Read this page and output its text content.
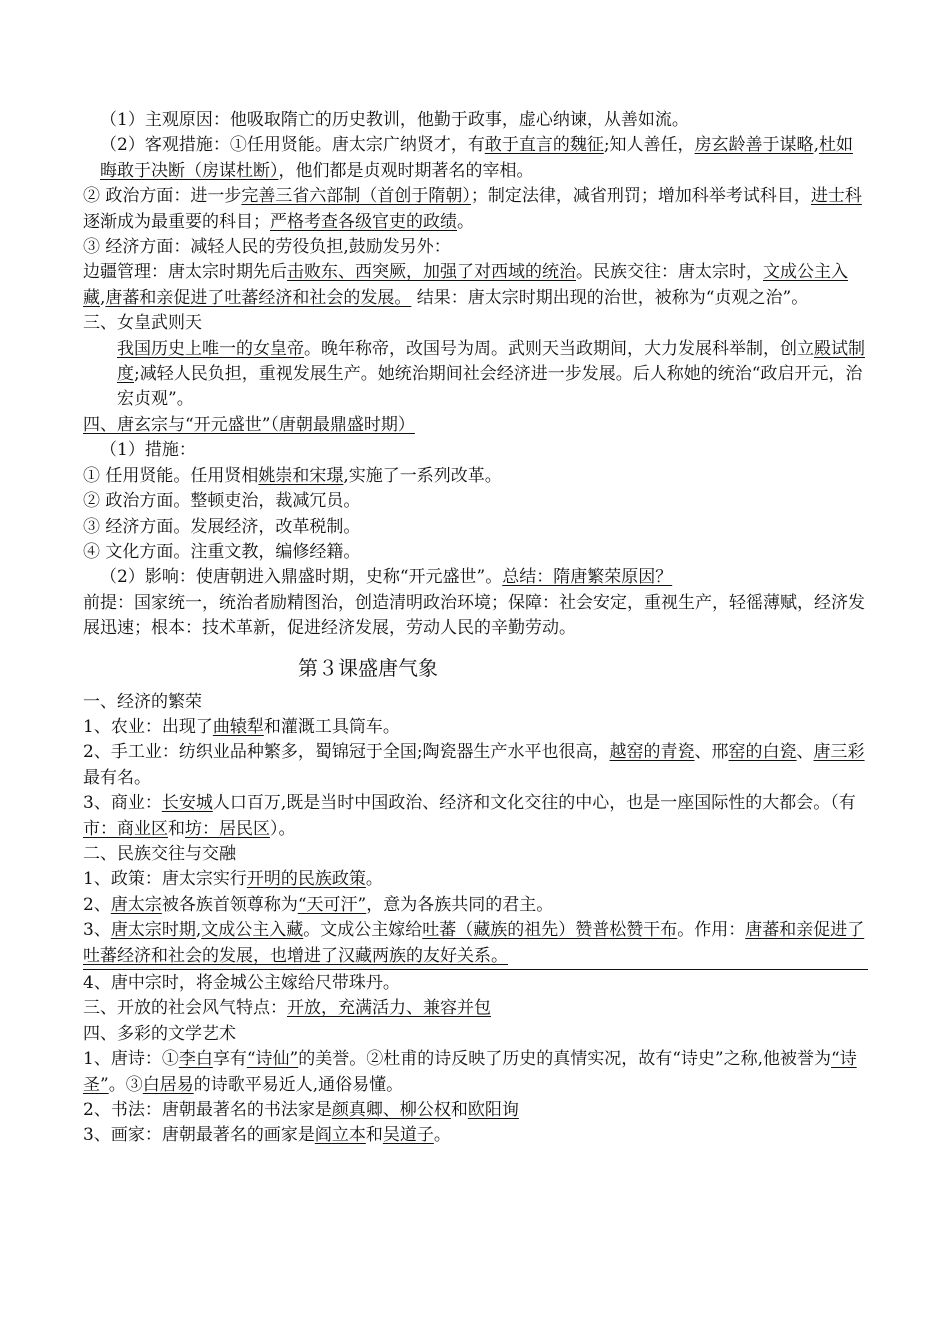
（1）主观原因：他吸取隋亡的历史教训，他勤于政事，虚心纳谏，从善如流。

（2）客观措施：①任用贤能。唐太宗广纳贤才，有敢于直言的魏征;知人善任，房玄龄善于谋略,杜如晦敢于决断（房谋杜断），他们都是贞观时期著名的宰相。

② 政治方面：进一步完善三省六部制（首创于隋朝）；制定法律，减省刑罚；增加科举考试科目，进士科逐渐成为最重要的科目；严格考查各级官吏的政绩。

③ 经济方面：减轻人民的劳役负担,鼓励发另外：

边疆管理：唐太宗时期先后击败东、西突厥，加强了对西域的统治。民族交往：唐太宗时，文成公主入藏,唐蕃和亲促进了吐蕃经济和社会的发展。 结果：唐太宗时期出现的治世，被称为“贞观之治”。

三、女皇武则天

我国历史上唯一的女皇帝。晚年称帝，改国号为周。武则天当政期间，大力发展科举制，创立殿试制度;减轻人民负担，重视发展生产。她统治期间社会经济进一步发展。后人称她的统治“政启开元，治宏贞观”。

四、唐玄宗与“开元盛世”（唐朝最鼎盛时期）

（1）措施：

① 任用贤能。任用贤相姚崇和宋璟,实施了一系列改革。

② 政治方面。整顿吏治，裁减冗员。

③ 经济方面。发展经济，改革税制。

④ 文化方面。注重文教，编修经籍。

（2）影响：使唐朝进入鼎盛时期，史称“开元盛世”。总结：隋唐繁荣原因？

前提：国家统一，统治者励精图治，创造清明政治环境；保障：社会安定，重视生产，轻徭薄赋，经济发展迅速；根本：技术革新，促进经济发展，劳动人民的辛勤劳动。

第３课盛唐气象

一、经济的繁荣

1、农业：出现了曲辕犁和灌溉工具筒车。

2、手工业：纺织业品种繁多，蜀锦冠于全国;陶瓷器生产水平也很高，越窑的青瓷、邢窑的白瓷、唐三彩最有名。

3、商业：长安城人口百万,既是当时中国政治、经济和文化交往的中心，也是一座国际性的大都会。（有市：商业区和坊：居民区）。

二、民族交往与交融

1、政策：唐太宗实行开明的民族政策。

2、唐太宗被各族首领尊称为“天可汗”，意为各族共同的君主。

3、唐太宗时期,文成公主入藏。文成公主嫁给吐蕃（藏族的祖先）赞普松赞干布。作用：唐蕃和亲促进了吐蕃经济和社会的发展，也增进了汉藏两族的友好关系。

4、唐中宗时，将金城公主嫁给尺带珠丹。

三、开放的社会风气特点：开放，充满活力、兼容并包

四、多彩的文学艺术

1、唐诗：①李白享有“诗仙”的美誉。②杜甫的诗反映了历史的真情实况，故有“诗史”之称,他被誉为“诗圣”。③白居易的诗歌平易近人,通俗易懂。

2、书法：唐朝最著名的书法家是颜真卿、柳公权和欧阳询

3、画家：唐朝最著名的画家是阎立本和吴道子。
